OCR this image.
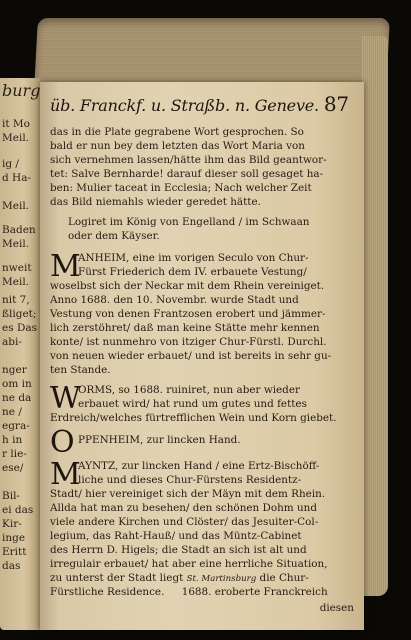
burg
it Mo
Meil.
ig /
d Ha-
Meil.
Baden
Meil.
nweit
Meil.
nit 7,
ßliget;
es Das
abi-
nger
om in
ne da
ne /
egra-
h in
r lie-
ese/
Bil-
ei das
Kir-
inge
Eritt
das
üb. Franckf. u. Straßb. n. Geneve. 87
das in die Plate gegrabene Wort gesprochen. So
bald er nun bey dem letzten das Wort Maria von
sich vernehmen lassen/hätte ihm das Bild geantwor-
tet: Salve Bernharde! darauf dieser soll gesaget ha-
ben: Mulier taceat in Ecclesia; Nach welcher Zeit
das Bild niemahls wieder geredet hätte.
Logiret im König von Engelland / im Schwaan
oder dem Käyser.
M
ANHEIM, eine im vorigen Seculo von Chur-
Fürst Friederich dem IV. erbauete Vestung/
woselbst sich der Neckar mit dem Rhein vereiniget.
Anno 1688. den 10. Novembr. wurde Stadt und
Vestung von denen Frantzosen erobert und jämmer-
lich zerstöhret/ daß man keine Stätte mehr kennen
konte/ ist nunmehro von itziger Chur-Fürstl. Durchl.
von neuen wieder erbauet/ und ist bereits in sehr gu-
ten Stande.
W
ORMS, so 1688. ruiniret, nun aber wieder
erbauet wird/ hat rund um gutes und fettes
Erdreich/welches fürtrefflichen Wein und Korn giebet.
O PPENHEIM, zur lincken Hand.
M
AYNTZ, zur lincken Hand / eine Ertz-Bischöff-
liche und dieses Chur-Fürstens Residentz-
Stadt/ hier vereiniget sich der Mäyn mit dem Rhein.
Allda hat man zu besehen/ den schönen Dohm und
viele andere Kirchen und Clöster/ das Jesuiter-Col-
legium, das Raht-Hauß/ und das Müntz-Cabinet
des Herrn D. Higels; die Stadt an sich ist alt und
irregulair erbauet/ hat aber eine herrliche Situation,
zu unterst der Stadt liegt St. Martinsburg die Chur-
Fürstliche Residence. 1688. eroberte Franckreich
diesen
